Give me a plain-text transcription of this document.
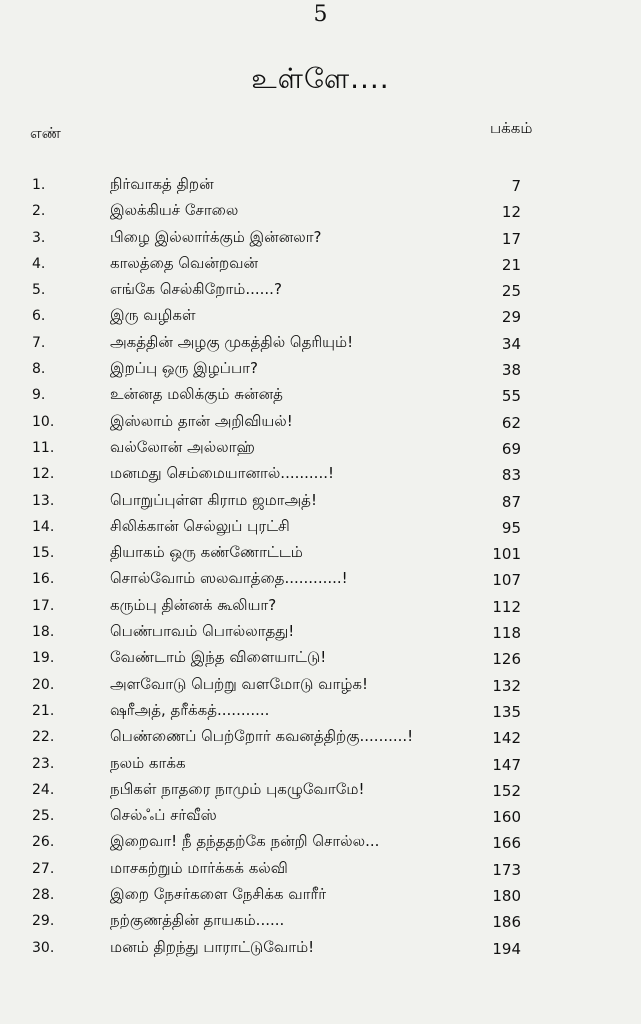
5
உள்ளே....
எண்	பக்கம்
1.	நிர்வாகத் திறன்	7
2.	இலக்கியச் சோலை	12
3.	பிழை இல்லார்க்கும் இன்னலா?	17
4.	காலத்தை வென்றவன்	21
5.	எங்கே செல்கிறோம்......?	25
6.	இரு வழிகள்	29
7.	அகத்தின் அழகு முகத்தில் தெரியும்!	34
8.	இறப்பு ஒரு இழப்பா?	38
9.	உன்னத மலிக்கும் சுன்னத்	55
10.	இஸ்லாம் தான் அறிவியல்!	62
11.	வல்லோன் அல்லாஹ்	69
12.	மனமது செம்மையானால்..........!	83
13.	பொறுப்புள்ள கிராம ஜமாஅத்!	87
14.	சிலிக்கான் செல்லுப் புரட்சி	95
15.	தியாகம் ஒரு கண்ணோட்டம்	101
16.	சொல்வோம் ஸலவாத்தை............!	107
17.	கரும்பு தின்னக் கூலியா?	112
18.	பெண்பாவம் பொல்லாதது!	118
19.	வேண்டாம் இந்த விளையாட்டு!	126
20.	அளவோடு பெற்று வளமோடு வாழ்க!	132
21.	ஷரீஅத், தரீக்கத்...........	135
22.	பெண்ணைப் பெற்றோர் கவனத்திற்கு..........!	142
23.	நலம் காக்க	147
24.	நபிகள் நாதரை நாமும் புகழுவோமே!	152
25.	செல்ஃப் சர்வீஸ்	160
26.	இறைவா! நீ தந்ததற்கே நன்றி சொல்ல...	166
27.	மாசகற்றும் மார்க்கக் கல்வி	173
28.	இறை நேசர்களை நேசிக்க வாரீர்	180
29.	நற்குணத்தின் தாயகம்......	186
30.	மனம் திறந்து பாராட்டுவோம்!	194
